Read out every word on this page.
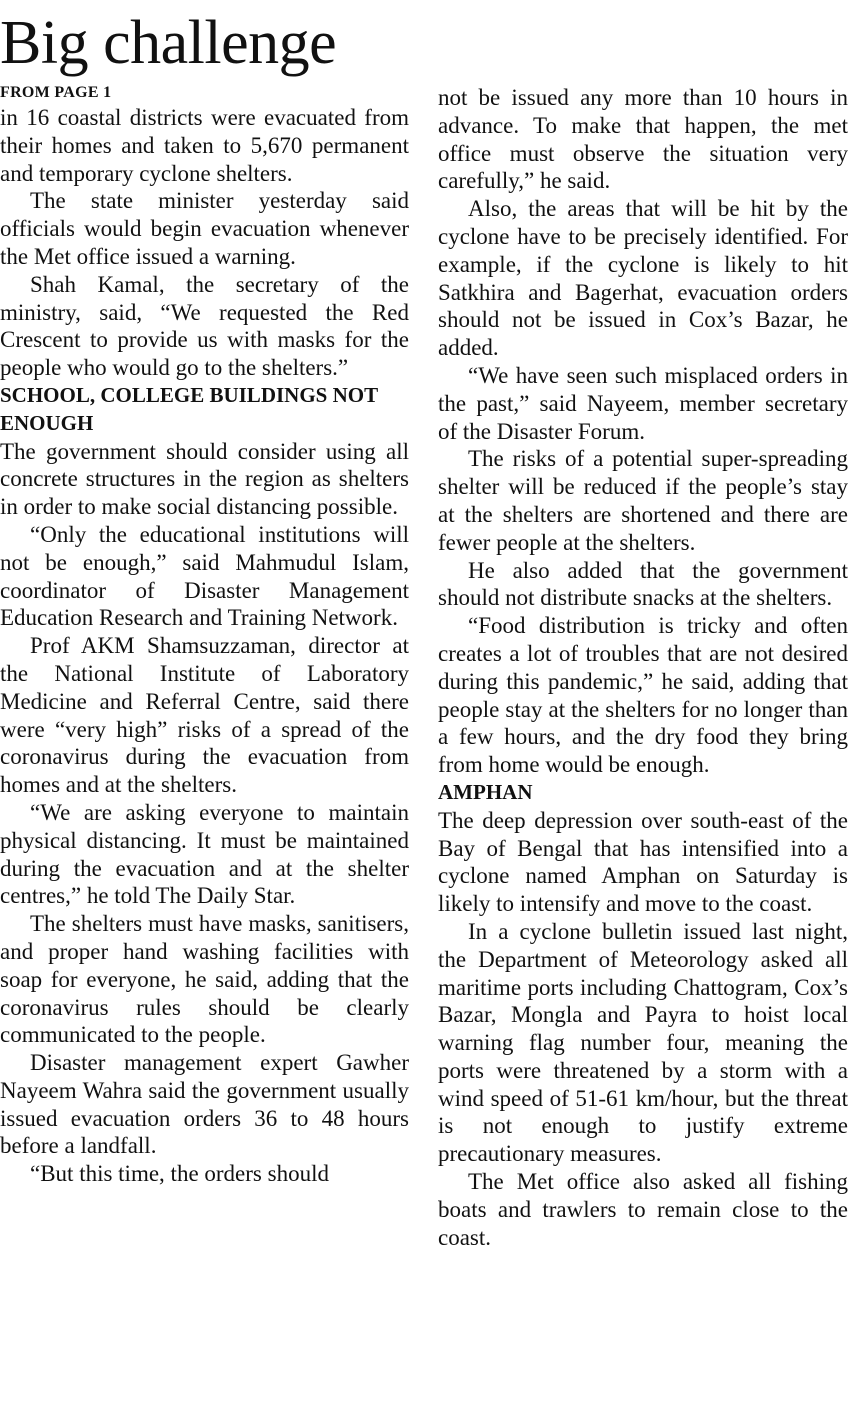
Big challenge
FROM PAGE 1

in 16 coastal districts were evacuated from their homes and taken to 5,670 permanent and temporary cyclone shelters.

The state minister yesterday said officials would begin evacuation whenever the Met office issued a warning.

Shah Kamal, the secretary of the ministry, said, “We requested the Red Crescent to provide us with masks for the people who would go to the shelters.”

SCHOOL, COLLEGE BUILDINGS NOT ENOUGH

The government should consider using all concrete structures in the region as shelters in order to make social distancing possible.

“Only the educational institutions will not be enough,” said Mahmudul Islam, coordinator of Disaster Management Education Research and Training Network.

Prof AKM Shamsuzzaman, director at the National Institute of Laboratory Medicine and Referral Centre, said there were “very high” risks of a spread of the coronavirus during the evacuation from homes and at the shelters.

“We are asking everyone to maintain physical distancing. It must be maintained during the evacuation and at the shelter centres,” he told The Daily Star.

The shelters must have masks, sanitisers, and proper hand washing facilities with soap for everyone, he said, adding that the coronavirus rules should be clearly communicated to the people.

Disaster management expert Gawher Nayeem Wahra said the government usually issued evacuation orders 36 to 48 hours before a landfall.

“But this time, the orders should

not be issued any more than 10 hours in advance. To make that happen, the met office must observe the situation very carefully,” he said.

Also, the areas that will be hit by the cyclone have to be precisely identified. For example, if the cyclone is likely to hit Satkhira and Bagerhat, evacuation orders should not be issued in Cox’s Bazar, he added.

“We have seen such misplaced orders in the past,” said Nayeem, member secretary of the Disaster Forum.

The risks of a potential super-spreading shelter will be reduced if the people’s stay at the shelters are shortened and there are fewer people at the shelters.

He also added that the government should not distribute snacks at the shelters.

“Food distribution is tricky and often creates a lot of troubles that are not desired during this pandemic,” he said, adding that people stay at the shelters for no longer than a few hours, and the dry food they bring from home would be enough.

AMPHAN

The deep depression over south-east of the Bay of Bengal that has intensified into a cyclone named Amphan on Saturday is likely to intensify and move to the coast.

In a cyclone bulletin issued last night, the Department of Meteorology asked all maritime ports including Chattogram, Cox’s Bazar, Mongla and Payra to hoist local warning flag number four, meaning the ports were threatened by a storm with a wind speed of 51-61 km/hour, but the threat is not enough to justify extreme precautionary measures.

The Met office also asked all fishing boats and trawlers to remain close to the coast.
